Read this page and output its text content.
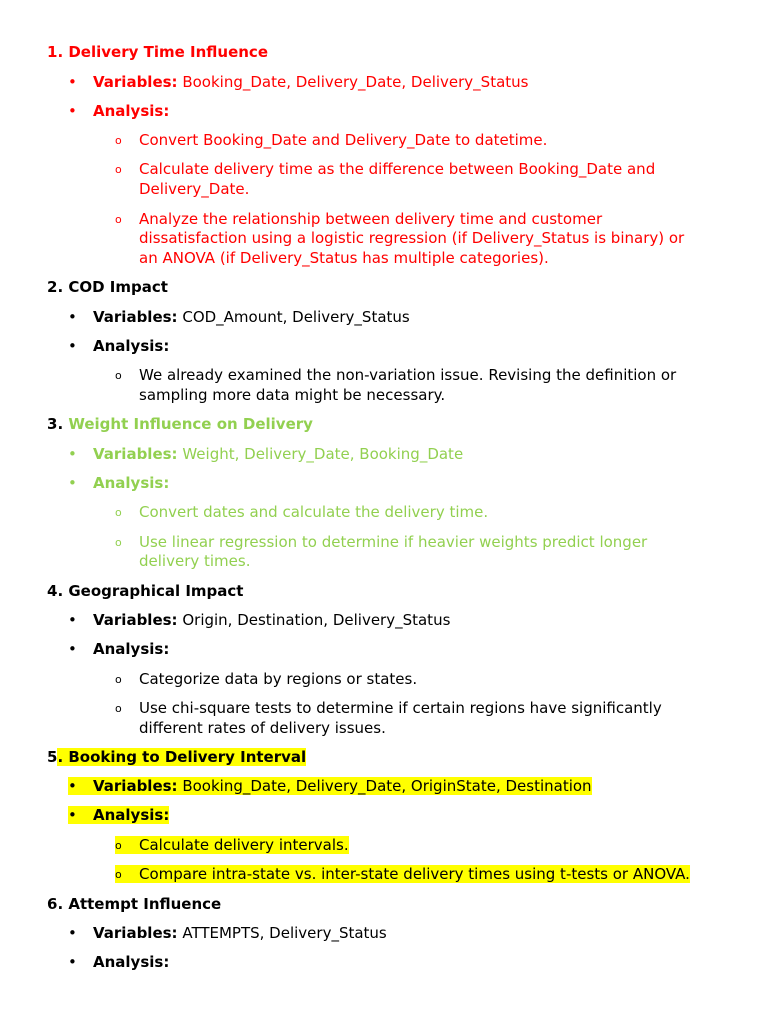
1. Delivery Time Influence
• Variables: Booking_Date, Delivery_Date, Delivery_Status
• Analysis:
o Convert Booking_Date and Delivery_Date to datetime.
o Calculate delivery time as the difference between Booking_Date and
Delivery_Date.
o Analyze the relationship between delivery time and customer
dissatisfaction using a logistic regression (if Delivery_Status is binary) or
an ANOVA (if Delivery_Status has multiple categories).
2. COD Impact
• Variables: COD_Amount, Delivery_Status
• Analysis:
o We already examined the non-variation issue. Revising the definition or
sampling more data might be necessary.
3. Weight Influence on Delivery
• Variables: Weight, Delivery_Date, Booking_Date
• Analysis:
o Convert dates and calculate the delivery time.
o Use linear regression to determine if heavier weights predict longer
delivery times.
4. Geographical Impact
• Variables: Origin, Destination, Delivery_Status
• Analysis:
o Categorize data by regions or states.
o Use chi-square tests to determine if certain regions have significantly
different rates of delivery issues.
5. Booking to Delivery Interval
• Variables: Booking_Date, Delivery_Date, OriginState, Destination
• Analysis:
o Calculate delivery intervals.
o Compare intra-state vs. inter-state delivery times using t-tests or ANOVA.
6. Attempt Influence
• Variables: ATTEMPTS, Delivery_Status
• Analysis:
